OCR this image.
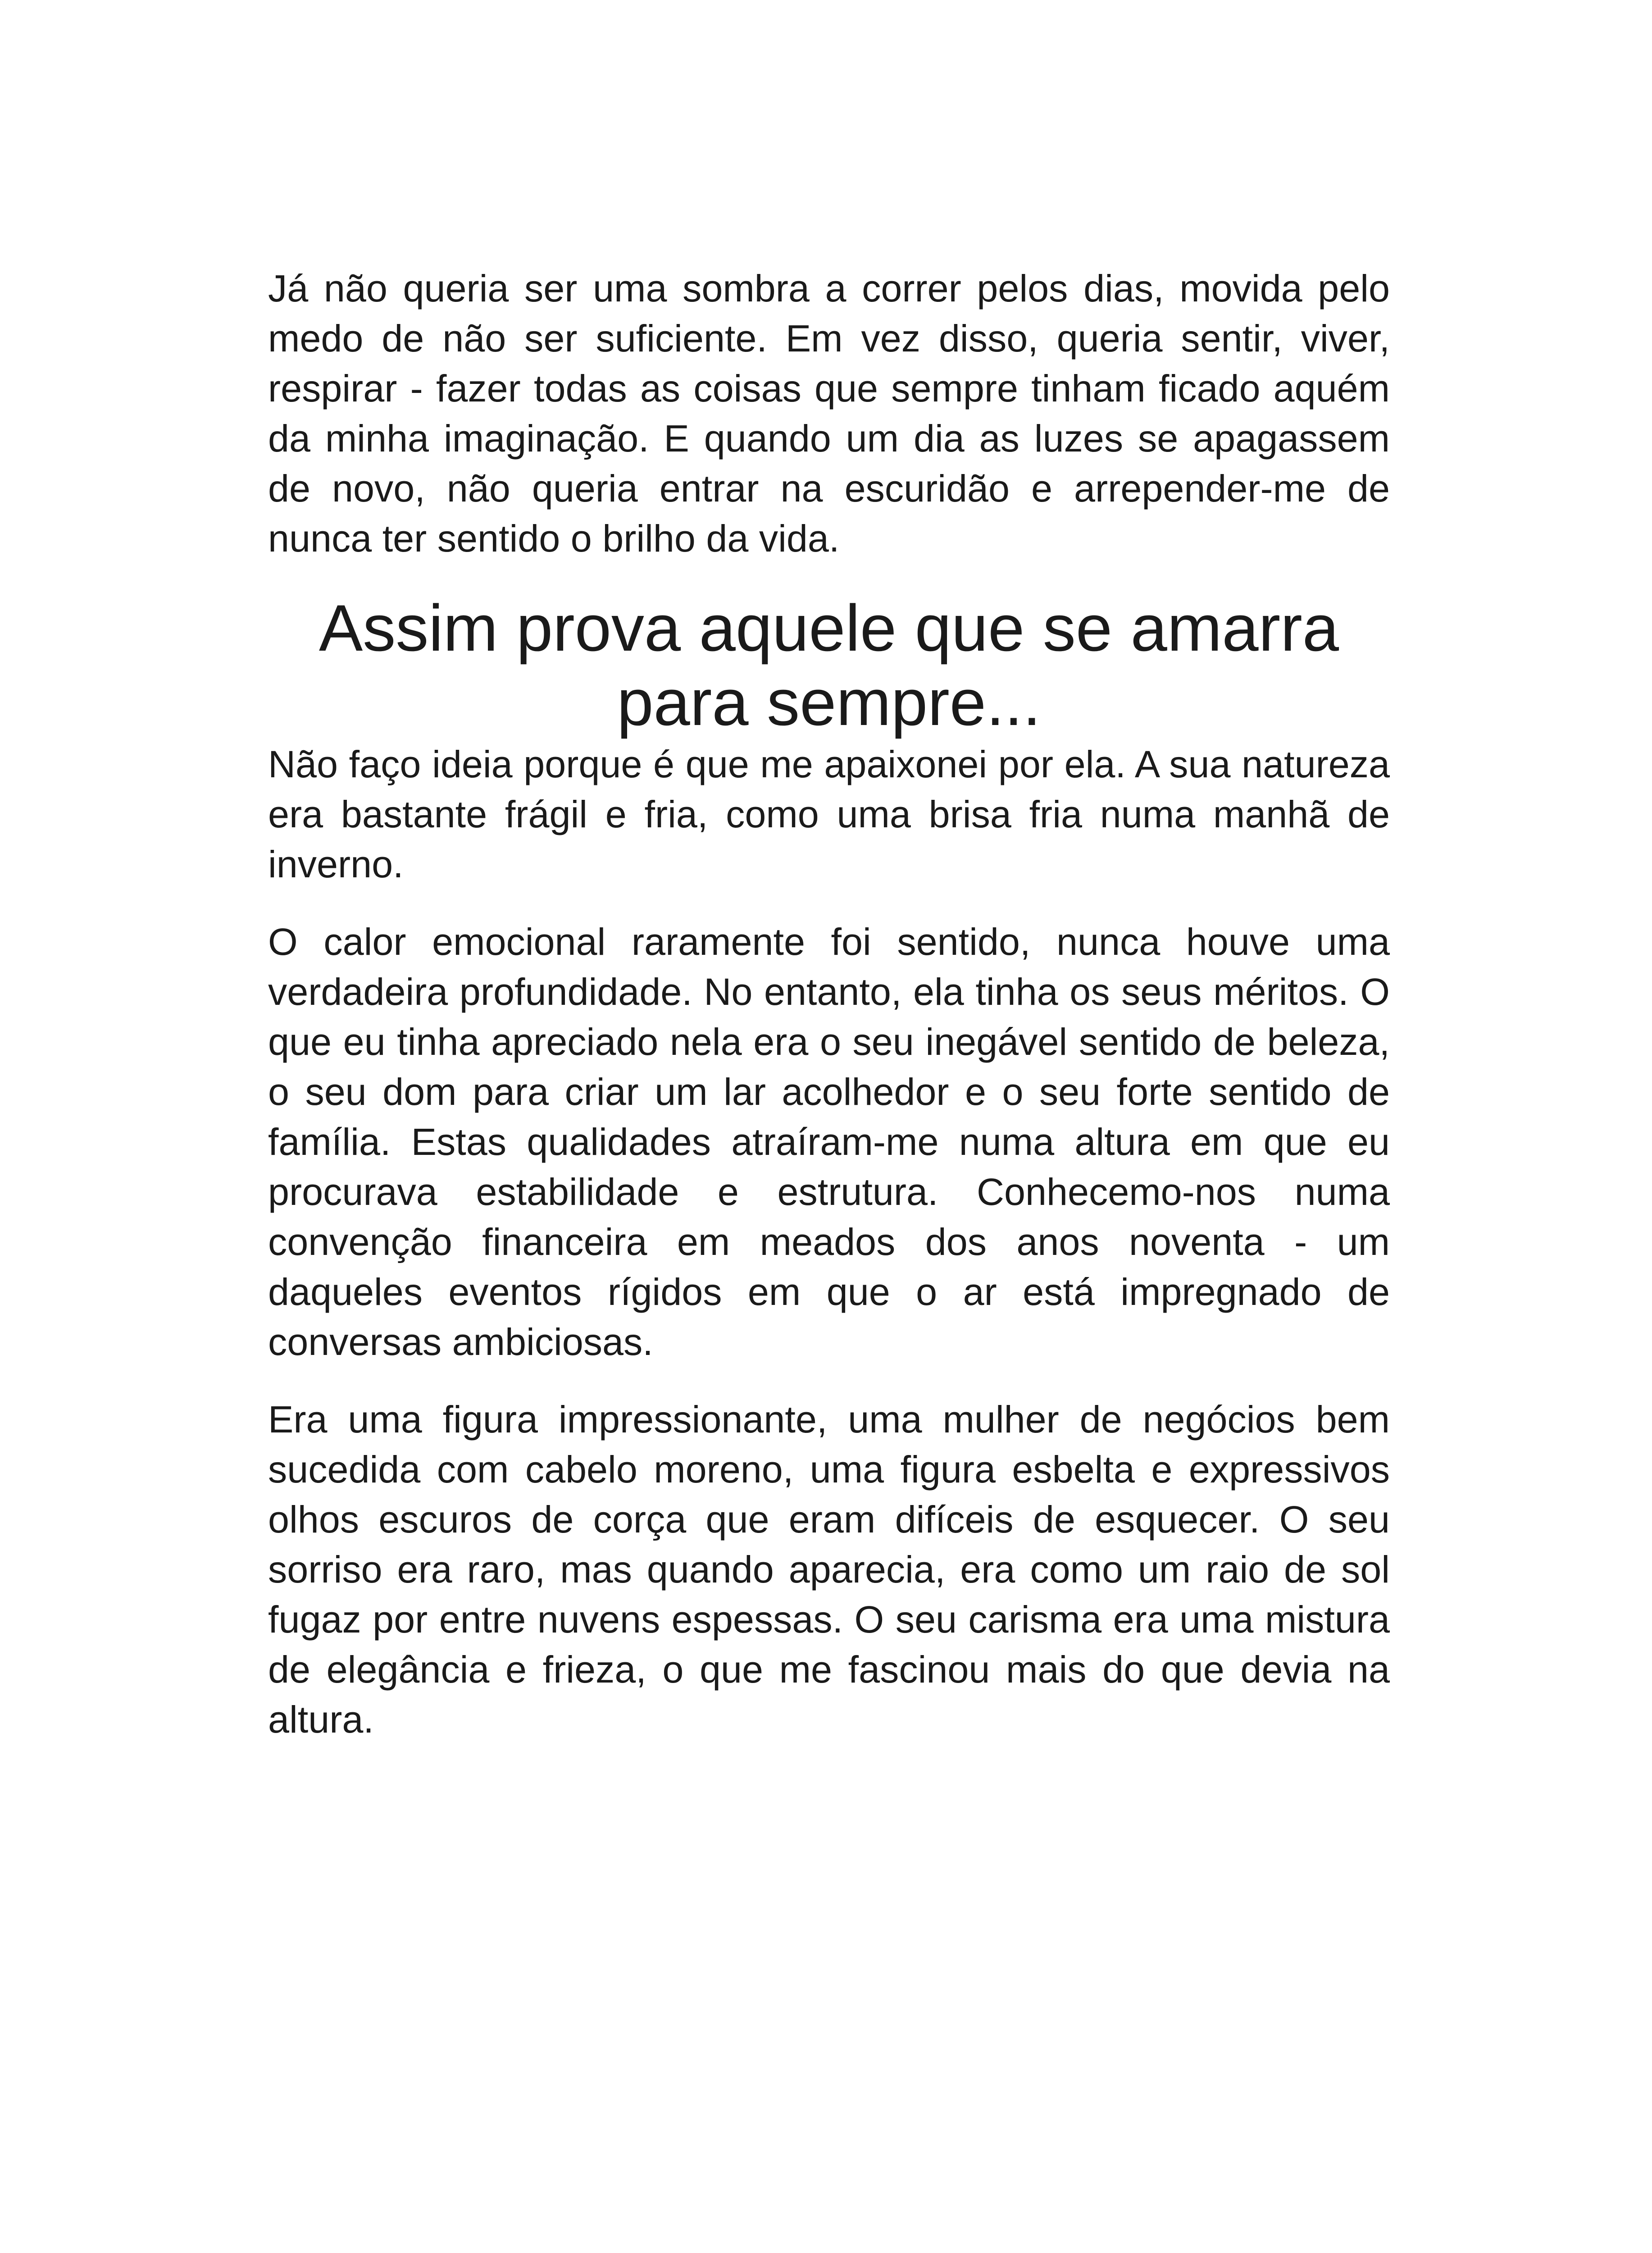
Já não queria ser uma sombra a correr pelos dias, movida pelo medo de não ser suficiente. Em vez disso, queria sentir, viver, respirar - fazer todas as coisas que sempre tinham ficado aquém da minha imaginação. E quando um dia as luzes se apagassem de novo, não queria entrar na escuridão e arrepender-me de nunca ter sentido o brilho da vida.

Assim prova aquele que se amarra para sempre...

Não faço ideia porque é que me apaixonei por ela. A sua natureza era bastante frágil e fria, como uma brisa fria numa manhã de inverno.

O calor emocional raramente foi sentido, nunca houve uma verdadeira profundidade. No entanto, ela tinha os seus méritos. O que eu tinha apreciado nela era o seu inegável sentido de beleza, o seu dom para criar um lar acolhedor e o seu forte sentido de família. Estas qualidades atraíram-me numa altura em que eu procurava estabilidade e estrutura. Conhecemo-nos numa convenção financeira em meados dos anos noventa - um daqueles eventos rígidos em que o ar está impregnado de conversas ambiciosas.

Era uma figura impressionante, uma mulher de negócios bem sucedida com cabelo moreno, uma figura esbelta e expressivos olhos escuros de corça que eram difíceis de esquecer. O seu sorriso era raro, mas quando aparecia, era como um raio de sol fugaz por entre nuvens espessas. O seu carisma era uma mistura de elegância e frieza, o que me fascinou mais do que devia na altura.
